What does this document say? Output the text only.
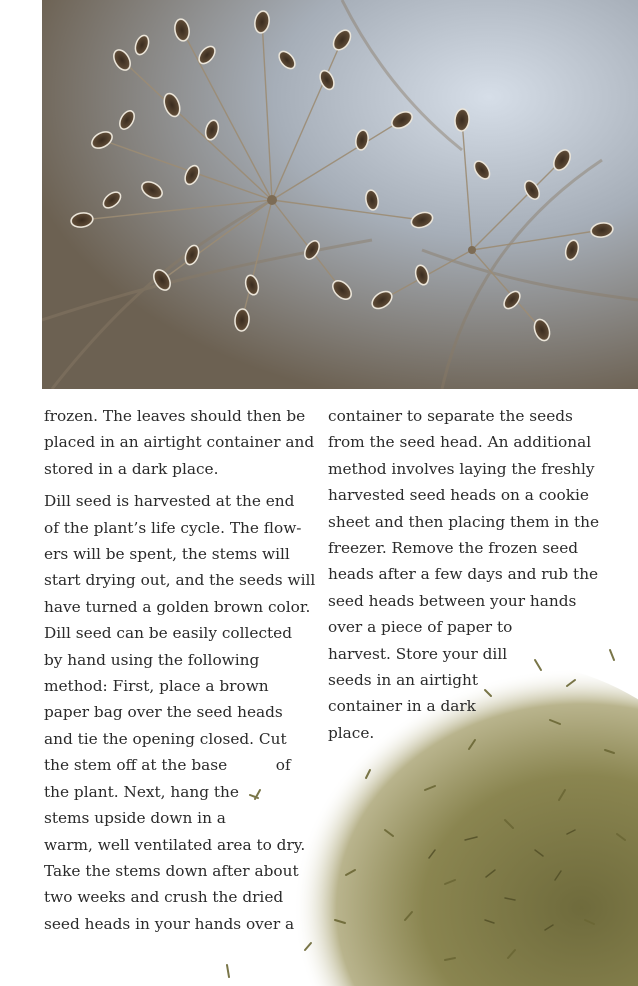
frozen. The leaves should then be
placed in an airtight container and
stored in a dark place.

Dill seed is harvested at the end
of the plant’s life cycle. The flow-
ers will be spent, the stems will
start drying out, and the seeds will
have turned a golden brown color.
Dill seed can be easily collected
by hand using the following
method: First, place a brown
paper bag over the seed heads
and tie the opening closed. Cut
the stem off at the base          of
the plant. Next, hang the
stems upside down in a
warm, well ventilated area to dry.
Take the stems down after about
two weeks and crush the dried
seed heads in your hands over a

container to separate the seeds
from the seed head. An additional
method involves laying the freshly
harvested seed heads on a cookie
sheet and then placing them in the
freezer. Remove the frozen seed
heads after a few days and rub the
seed heads between your hands
over a piece of paper to
harvest. Store your dill
seeds in an airtight
container in a dark
place.
